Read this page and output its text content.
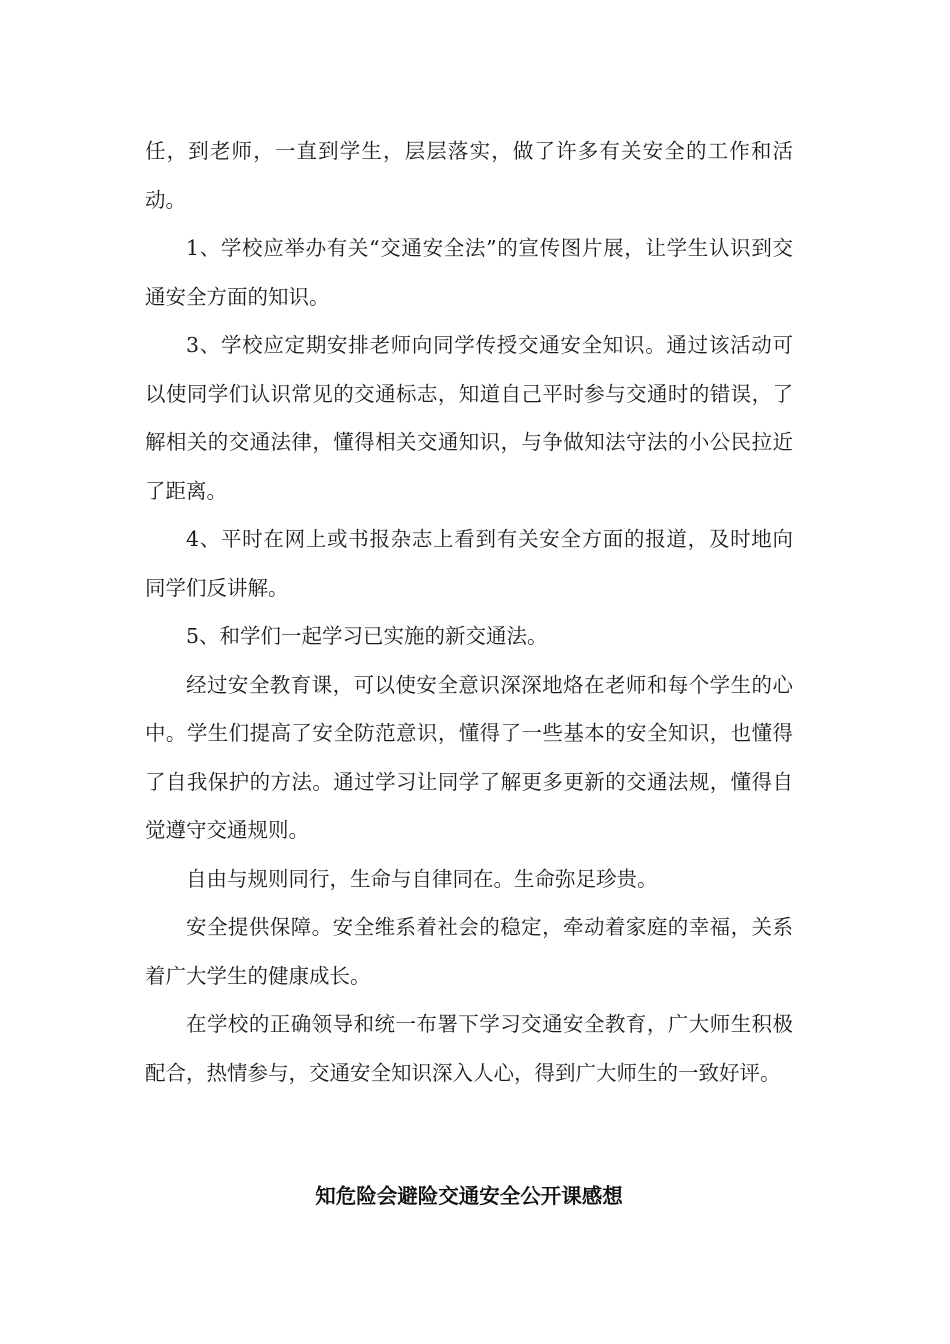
任，到老师，一直到学生，层层落实，做了许多有关安全的工作和活动。

1、学校应举办有关“交通安全法”的宣传图片展，让学生认识到交通安全方面的知识。

3、学校应定期安排老师向同学传授交通安全知识。通过该活动可以使同学们认识常见的交通标志，知道自己平时参与交通时的错误，了解相关的交通法律，懂得相关交通知识，与争做知法守法的小公民拉近了距离。

4、平时在网上或书报杂志上看到有关安全方面的报道，及时地向同学们反讲解。

5、和学们一起学习已实施的新交通法。

经过安全教育课，可以使安全意识深深地烙在老师和每个学生的心中。学生们提高了安全防范意识，懂得了一些基本的安全知识，也懂得了自我保护的方法。通过学习让同学了解更多更新的交通法规，懂得自觉遵守交通规则。

自由与规则同行，生命与自律同在。生命弥足珍贵。

安全提供保障。安全维系着社会的稳定，牵动着家庭的幸福，关系着广大学生的健康成长。

在学校的正确领导和统一布署下学习交通安全教育，广大师生积极配合，热情参与，交通安全知识深入人心，得到广大师生的一致好评。

知危险会避险交通安全公开课感想
